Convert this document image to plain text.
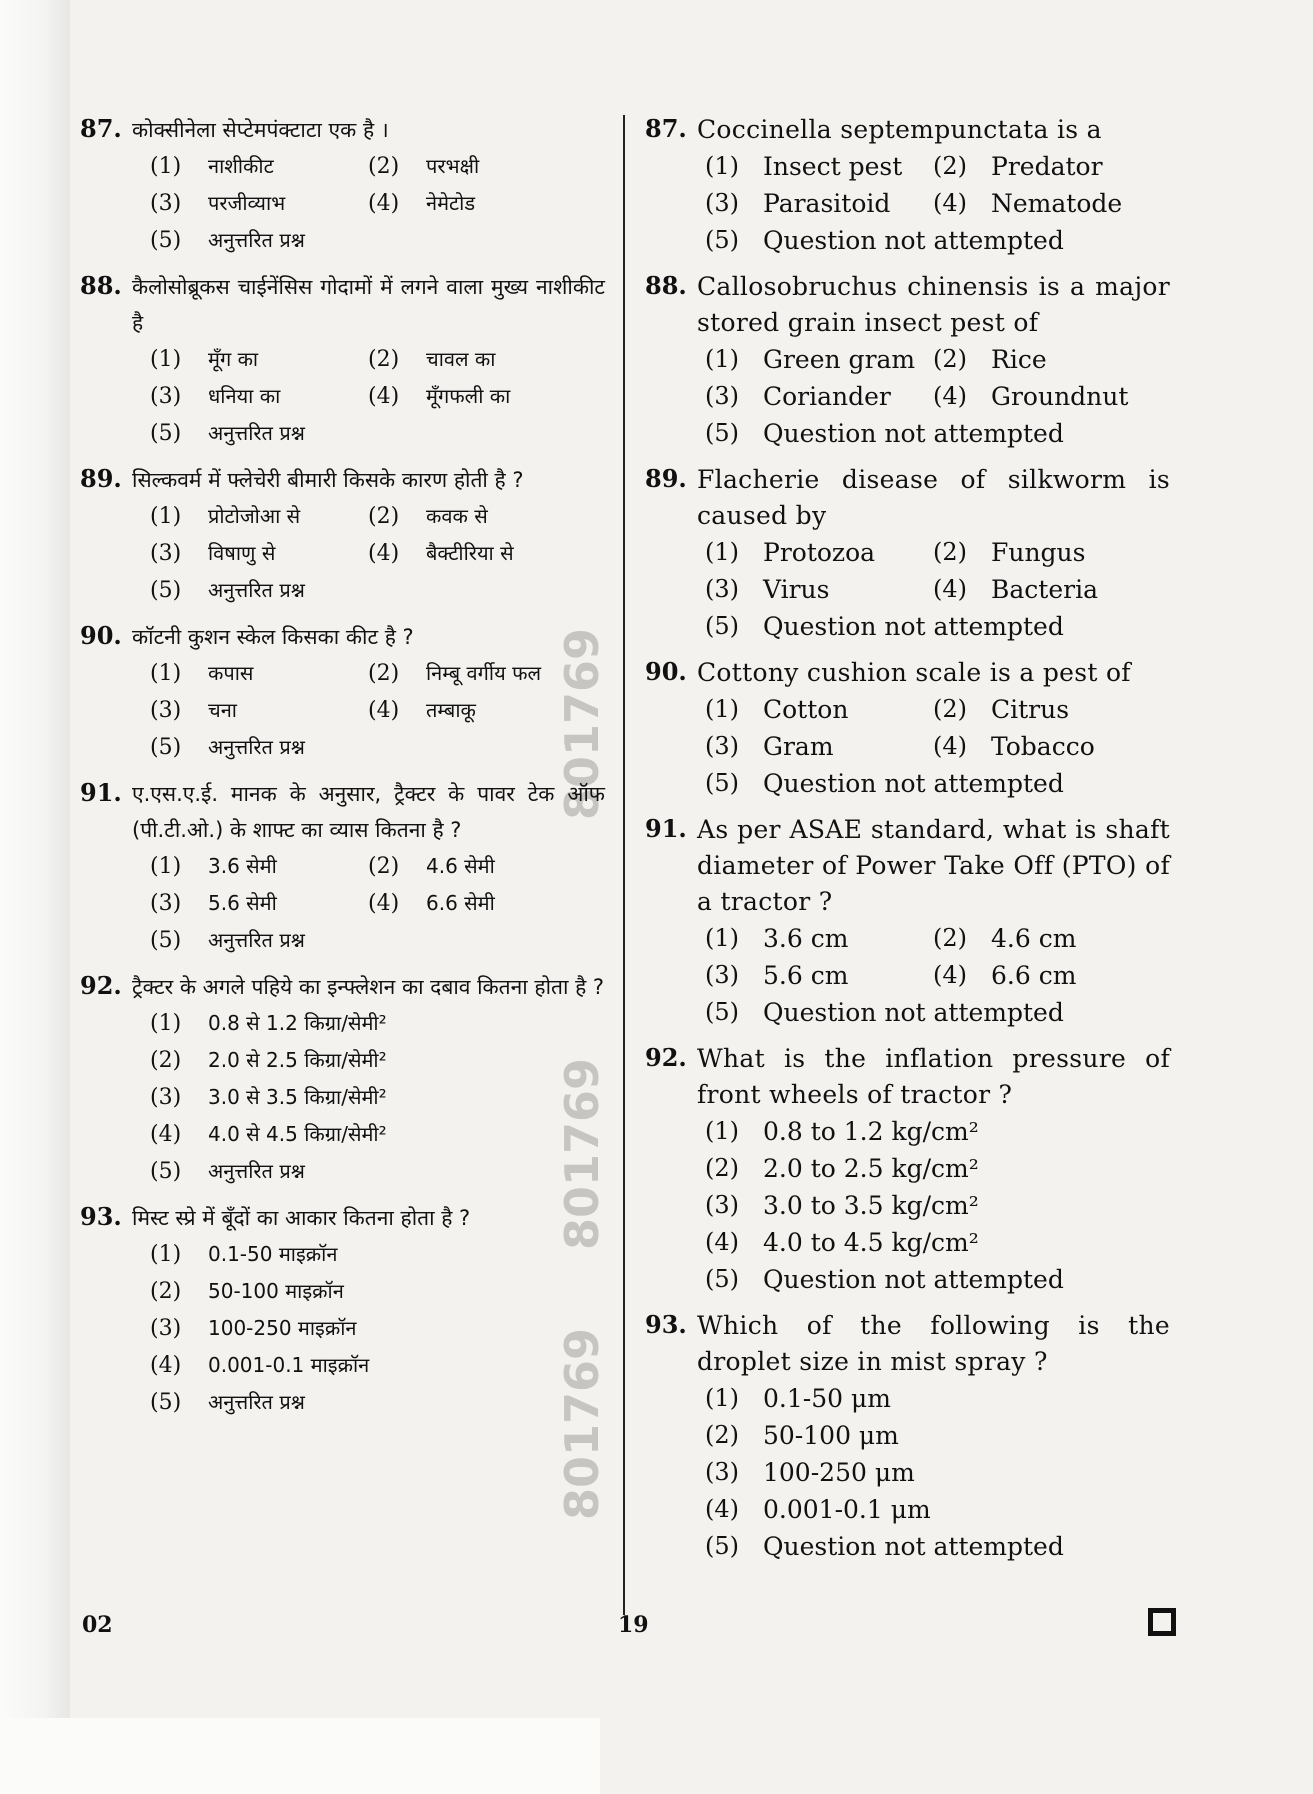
801769
801769
801769
87. कोक्सीनेला सेप्टेमपंक्टाटा एक है ।
(1)	नाशीकीट	(2)	परभक्षी
(3)	परजीव्याभ	(4)	नेमेटोड
(5)	अनुत्तरित प्रश्न
88. कैलोसोब्रूकस चाईनेंसिस गोदामों में लगने वाला मुख्य नाशीकीट है
(1)	मूँग का	(2)	चावल का
(3)	धनिया का	(4)	मूँगफली का
(5)	अनुत्तरित प्रश्न
89. सिल्कवर्म में फ्लेचेरी बीमारी किसके कारण होती है ?
(1)	प्रोटोजोआ से	(2)	कवक से
(3)	विषाणु से	(4)	बैक्टीरिया से
(5)	अनुत्तरित प्रश्न
90. कॉटनी कुशन स्केल किसका कीट है ?
(1)	कपास	(2)	निम्बू वर्गीय फल
(3)	चना	(4)	तम्बाकू
(5)	अनुत्तरित प्रश्न
91. ए.एस.ए.ई. मानक के अनुसार, ट्रैक्टर के पावर टेक ऑफ (पी.टी.ओ.) के शाफ्ट का व्यास कितना है ?
(1)	3.6 सेमी	(2)	4.6 सेमी
(3)	5.6 सेमी	(4)	6.6 सेमी
(5)	अनुत्तरित प्रश्न
92. ट्रैक्टर के अगले पहिये का इन्फ्लेशन का दबाव कितना होता है ?
(1)	0.8 से 1.2 किग्रा/सेमी²
(2)	2.0 से 2.5 किग्रा/सेमी²
(3)	3.0 से 3.5 किग्रा/सेमी²
(4)	4.0 से 4.5 किग्रा/सेमी²
(5)	अनुत्तरित प्रश्न
93. मिस्ट स्प्रे में बूँदों का आकार कितना होता है ?
(1)	0.1-50 माइक्रॉन
(2)	50-100 माइक्रॉन
(3)	100-250 माइक्रॉन
(4)	0.001-0.1 माइक्रॉन
(5)	अनुत्तरित प्रश्न
87. Coccinella septempunctata is a
(1) Insect pest	(2) Predator
(3) Parasitoid	(4) Nematode
(5) Question not attempted
88. Callosobruchus chinensis is a major stored grain insect pest of
(1) Green gram (2) Rice
(3) Coriander	(4) Groundnut
(5) Question not attempted
89. Flacherie disease of silkworm is caused by
(1) Protozoa	(2) Fungus
(3) Virus	(4) Bacteria
(5) Question not attempted
90. Cottony cushion scale is a pest of
(1) Cotton	(2) Citrus
(3) Gram	(4) Tobacco
(5) Question not attempted
91. As per ASAE standard, what is shaft diameter of Power Take Off (PTO) of a tractor ?
(1) 3.6 cm	(2) 4.6 cm
(3) 5.6 cm	(4) 6.6 cm
(5) Question not attempted
92. What is the inflation pressure of front wheels of tractor ?
(1) 0.8 to 1.2 kg/cm²
(2) 2.0 to 2.5 kg/cm²
(3) 3.0 to 3.5 kg/cm²
(4) 4.0 to 4.5 kg/cm²
(5) Question not attempted
93. Which of the following is the droplet size in mist spray ?
(1) 0.1-50 μm
(2) 50-100 μm
(3) 100-250 μm
(4) 0.001-0.1 μm
(5) Question not attempted
02	19
